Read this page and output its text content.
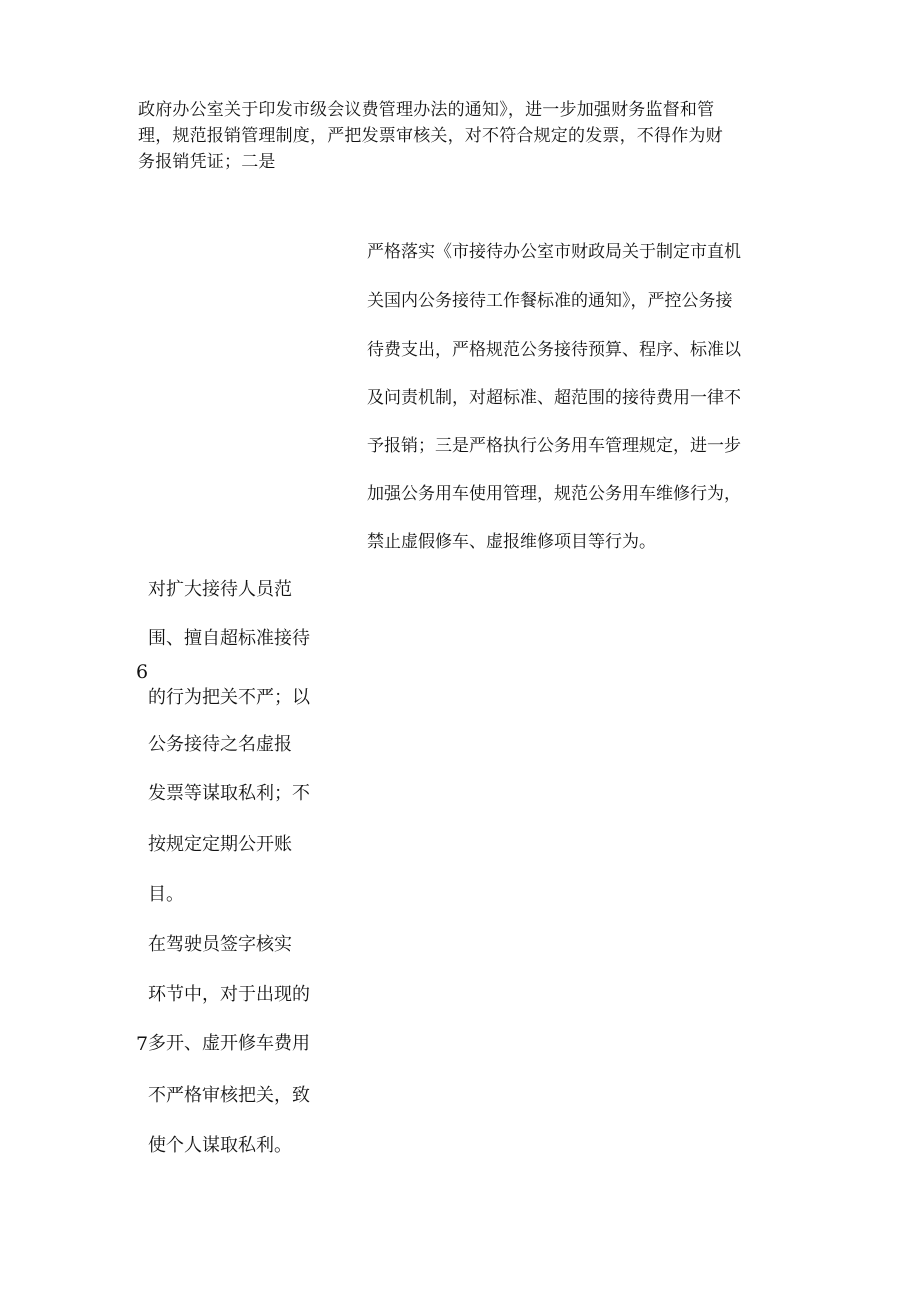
政府办公室关于印发市级会议费管理办法的通知》，进一步加强财务监督和管
理，规范报销管理制度，严把发票审核关，对不符合规定的发票，不得作为财
务报销凭证；二是
严格落实《市接待办公室市财政局关于制定市直机
关国内公务接待工作餐标准的通知》，严控公务接
待费支出，严格规范公务接待预算、程序、标准以
及问责机制，对超标准、超范围的接待费用一律不
予报销；三是严格执行公务用车管理规定，进一步
加强公务用车使用管理，规范公务用车维修行为，
禁止虚假修车、虚报维修项目等行为。
6
对扩大接待人员范
围、擅自超标准接待
的行为把关不严；以
公务接待之名虚报
发票等谋取私利；不
按规定定期公开账
目。
7
在驾驶员签字核实
环节中，对于出现的
多开、虚开修车费用
不严格审核把关，致
使个人谋取私利。
